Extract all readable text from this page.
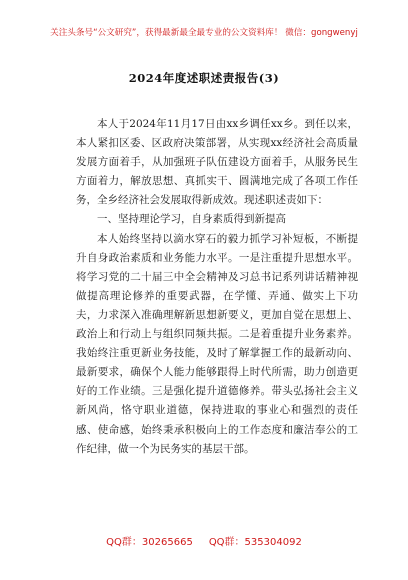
关注头条号“公文研究”，获得最新最全最专业的公文资料库！ 微信：gongwenyj
2024年度述职述责报告(3)

本人于2024年11月17日由xx乡调任xx乡。到任以来，本人紧扣区委、区政府决策部署，从实现xx经济社会高质量发展方面着手，从加强班子队伍建设方面着手，从服务民生方面着力，解放思想、真抓实干、圆满地完成了各项工作任务，全乡经济社会发展取得新成效。现述职述责如下：

一、坚持理论学习，自身素质得到新提高

本人始终坚持以滴水穿石的毅力抓学习补短板，不断提升自身政治素质和业务能力水平。一是注重提升思想水平。将学习党的二十届三中全会精神及习总书记系列讲话精神视做提高理论修养的重要武器，在学懂、弄通、做实上下功夫，力求深入准确理解新思想新要义，更加自觉在思想上、政治上和行动上与组织同频共振。二是着重提升业务素养。我始终注重更新业务技能，及时了解掌握工作的最新动向、最新要求，确保个人能力能够跟得上时代所需，助力创造更好的工作业绩。三是强化提升道德修养。带头弘扬社会主义新风尚，恪守职业道德，保持进取的事业心和强烈的责任感、使命感，始终秉承积极向上的工作态度和廉洁奉公的工作纪律，做一个为民务实的基层干部。

QQ群：30265665 QQ群：535304092
